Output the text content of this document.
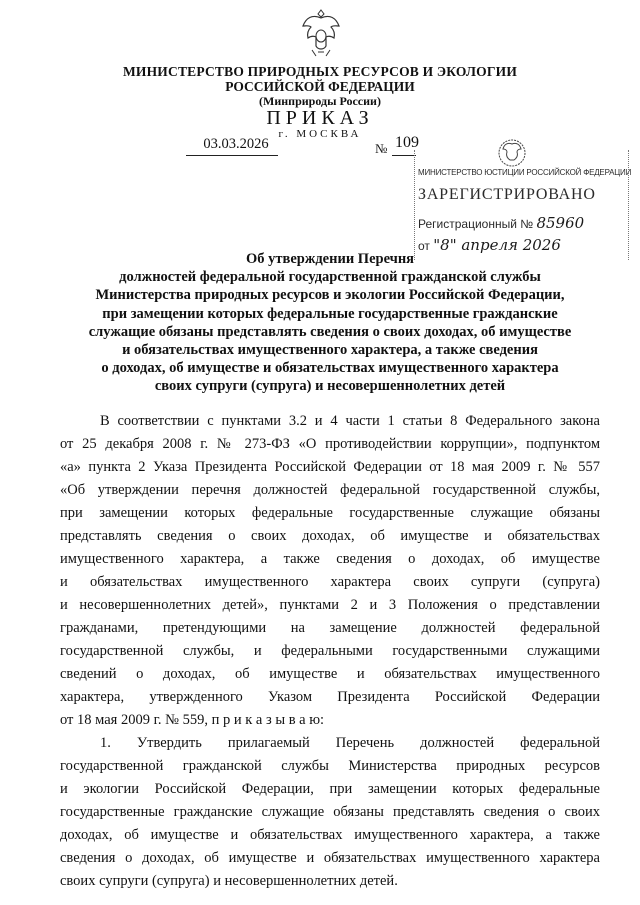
МИНИСТЕРСТВО ПРИРОДНЫХ РЕСУРСОВ И ЭКОЛОГИИ
РОССИЙСКОЙ ФЕДЕРАЦИИ
(Минприроды России)
ПРИКАЗ
г. МОСКВА
03.03.2026	№ 109
МИНИСТЕРСТВО ЮСТИЦИИ РОССИЙСКОЙ ФЕДЕРАЦИИ
ЗАРЕГИСТРИРОВАНО
Регистрационный № 85960
от "8" апреля 2026
Об утверждении Перечня
должностей федеральной государственной гражданской службы
Министерства природных ресурсов и экологии Российской Федерации,
при замещении которых федеральные государственные гражданские
служащие обязаны представлять сведения о своих доходах, об имуществе
и обязательствах имущественного характера, а также сведения
о доходах, об имуществе и обязательствах имущественного характера
своих супруги (супруга) и несовершеннолетних детей
В соответствии с пунктами 3.2 и 4 части 1 статьи 8 Федерального закона
от 25 декабря 2008 г. № 273-ФЗ «О противодействии коррупции», подпунктом
«а» пункта 2 Указа Президента Российской Федерации от 18 мая 2009 г. № 557
«Об утверждении перечня должностей федеральной государственной службы,
при замещении которых федеральные государственные служащие обязаны
представлять сведения о своих доходах, об имуществе и обязательствах
имущественного характера, а также сведения о доходах, об имуществе
и обязательствах имущественного характера своих супруги (супруга)
и несовершеннолетних детей», пунктами 2 и 3 Положения о представлении
гражданами, претендующими на замещение должностей федеральной
государственной службы, и федеральными государственными служащими
сведений о доходах, об имуществе и обязательствах имущественного
характера, утвержденного Указом Президента Российской Федерации
от 18 мая 2009 г. № 559, п р и к а з ы в а ю:
1. Утвердить прилагаемый Перечень должностей федеральной
государственной гражданской службы Министерства природных ресурсов
и экологии Российской Федерации, при замещении которых федеральные
государственные гражданские служащие обязаны представлять сведения о своих
доходах, об имуществе и обязательствах имущественного характера, а также
сведения о доходах, об имуществе и обязательствах имущественного характера
своих супруги (супруга) и несовершеннолетних детей.
